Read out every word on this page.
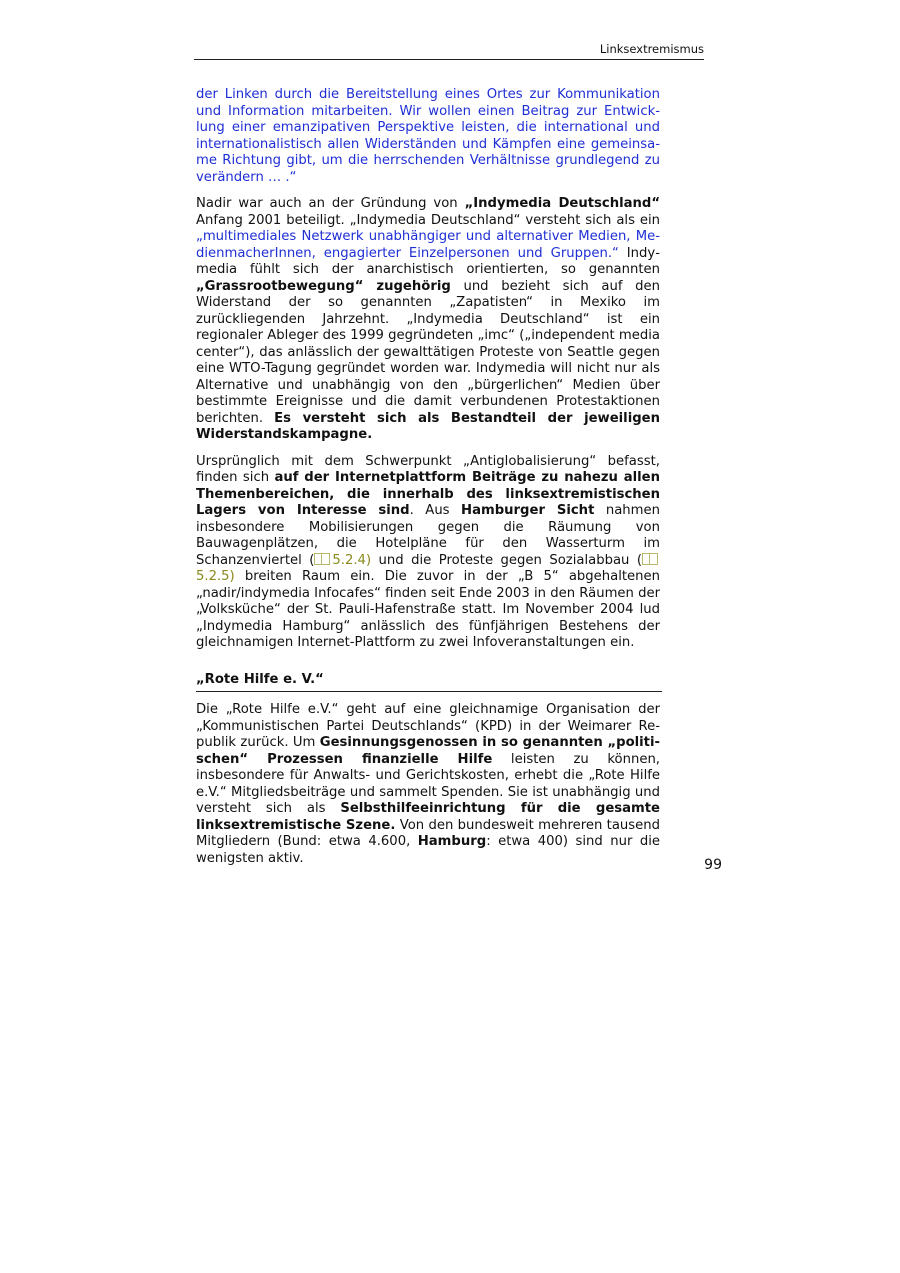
Linksextremismus

der Linken durch die Bereitstellung eines Ortes zur Kommunikation und Information mitarbeiten. Wir wollen einen Beitrag zur Entwicklung einer emanzipativen Perspektive leisten, die international und internationalistisch allen Widerständen und Kämpfen eine gemeinsame Richtung gibt, um die herrschenden Verhältnisse grundlegend zu verändern … .“

Nadir war auch an der Gründung von „Indymedia Deutschland“ Anfang 2001 beteiligt. „Indymedia Deutschland“ versteht sich als ein „multimediales Netzwerk unabhängiger und alternativer Medien, MedienmacherInnen, engagierter Einzelpersonen und Gruppen.“ Indymedia fühlt sich der anarchistisch orientierten, so genannten „Grassrootbewegung“ zugehörig und bezieht sich auf den Widerstand der so genannten „Zapatisten“ in Mexiko im zurückliegenden Jahrzehnt. „Indymedia Deutschland“ ist ein regionaler Ableger des 1999 gegründeten „imc“ („independent media center“), das anlässlich der gewalttätigen Proteste von Seattle gegen eine WTO-Tagung gegründet worden war. Indymedia will nicht nur als Alternative und unabhängig von den „bürgerlichen“ Medien über bestimmte Ereignisse und die damit verbundenen Protestaktionen berichten. Es versteht sich als Bestandteil der jeweiligen Widerstandskampagne.

Ursprünglich mit dem Schwerpunkt „Antiglobalisierung“ befasst, finden sich auf der Internetplattform Beiträge zu nahezu allen Themenbereichen, die innerhalb des linksextremistischen Lagers von Interesse sind. Aus Hamburger Sicht nahmen insbesondere Mobilisierungen gegen die Räumung von Bauwagenplätzen, die Hotelpläne für den Wasserturm im Schanzenviertel ( 5.2.4) und die Proteste gegen Sozialabbau (5.2.5) breiten Raum ein. Die zuvor in der „B 5“ abgehaltenen „nadir/indymedia Infocafes“ finden seit Ende 2003 in den Räumen der „Volksküche“ der St. Pauli-Hafenstraße statt. Im November 2004 lud „Indymedia Hamburg“ anlässlich des fünfjährigen Bestehens der gleichnamigen Internet-Plattform zu zwei Infoveranstaltungen ein.

„Rote Hilfe e. V.“

Die „Rote Hilfe e.V.“ geht auf eine gleichnamige Organisation der „Kommunistischen Partei Deutschlands“ (KPD) in der Weimarer Republik zurück. Um Gesinnungsgenossen in so genannten „politischen“ Prozessen finanzielle Hilfe leisten zu können, insbesondere für Anwalts- und Gerichtskosten, erhebt die „Rote Hilfe e.V.“ Mitgliedsbeiträge und sammelt Spenden. Sie ist unabhängig und versteht sich als Selbsthilfeeinrichtung für die gesamte linksextremistische Szene. Von den bundesweit mehreren tausend Mitgliedern (Bund: etwa 4.600, Hamburg: etwa 400) sind nur die wenigsten aktiv.	99
